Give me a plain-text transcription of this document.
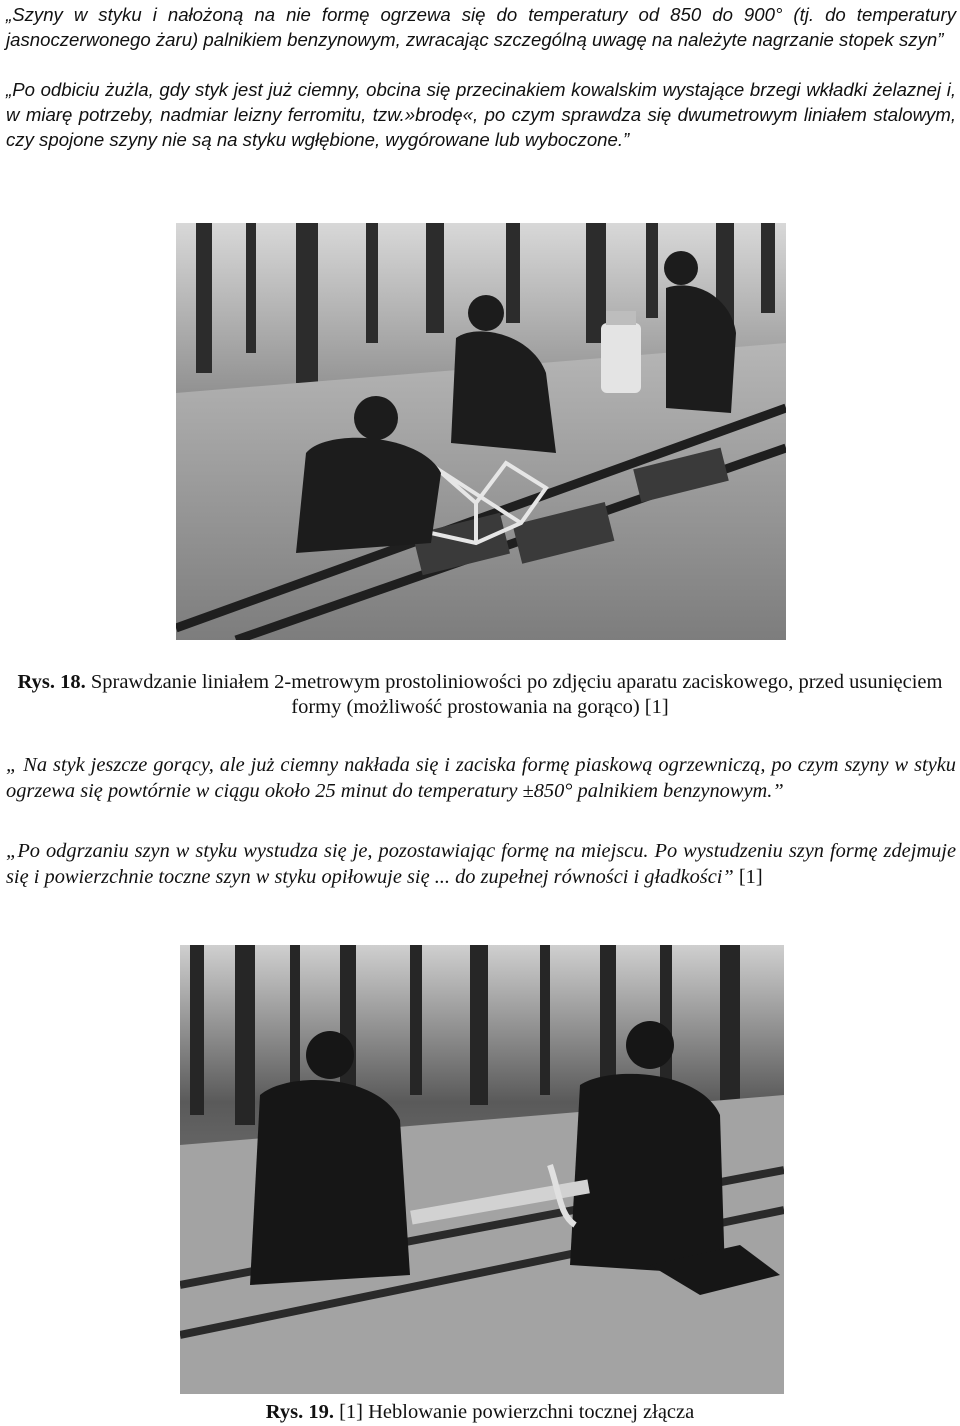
„Szyny w styku i nałożoną na nie formę ogrzewa się do temperatury od 850 do 900° (tj. do temperatury jasnoczerwonego żaru) palnikiem benzynowym, zwracając szczególną uwagę na należyte nagrzanie stopek szyn”

„Po odbiciu żużla, gdy styk jest już ciemny, obcina się przecinakiem kowalskim wystające brzegi wkładki żelaznej i, w miarę potrzeby, nadmiar leizny ferromitu, tzw.»brodę«, po czym sprawdza się dwumetrowym liniałem stalowym, czy spojone szyny nie są na styku wgłębione, wygórowane lub wyboczone.”

Rys. 18. Sprawdzanie liniałem 2-metrowym prostoliniowości po zdjęciu aparatu zaciskowego, przed usunięciem formy (możliwość prostowania na gorąco) [1]

„ Na styk jeszcze gorący, ale już ciemny nakłada się i zaciska formę piaskową ogrzewniczą, po czym szyny w styku ogrzewa się powtórnie w ciągu około 25 minut do temperatury ±850° palnikiem benzynowym.”

„Po odgrzaniu szyn w styku wystudza się je, pozostawiając formę na miejscu. Po wystudzeniu szyn formę zdejmuje się i powierzchnie toczne szyn w styku opiłowuje się ... do zupełnej równości i gładkości” [1]

Rys. 19. [1] Heblowanie powierzchni tocznej złącza
